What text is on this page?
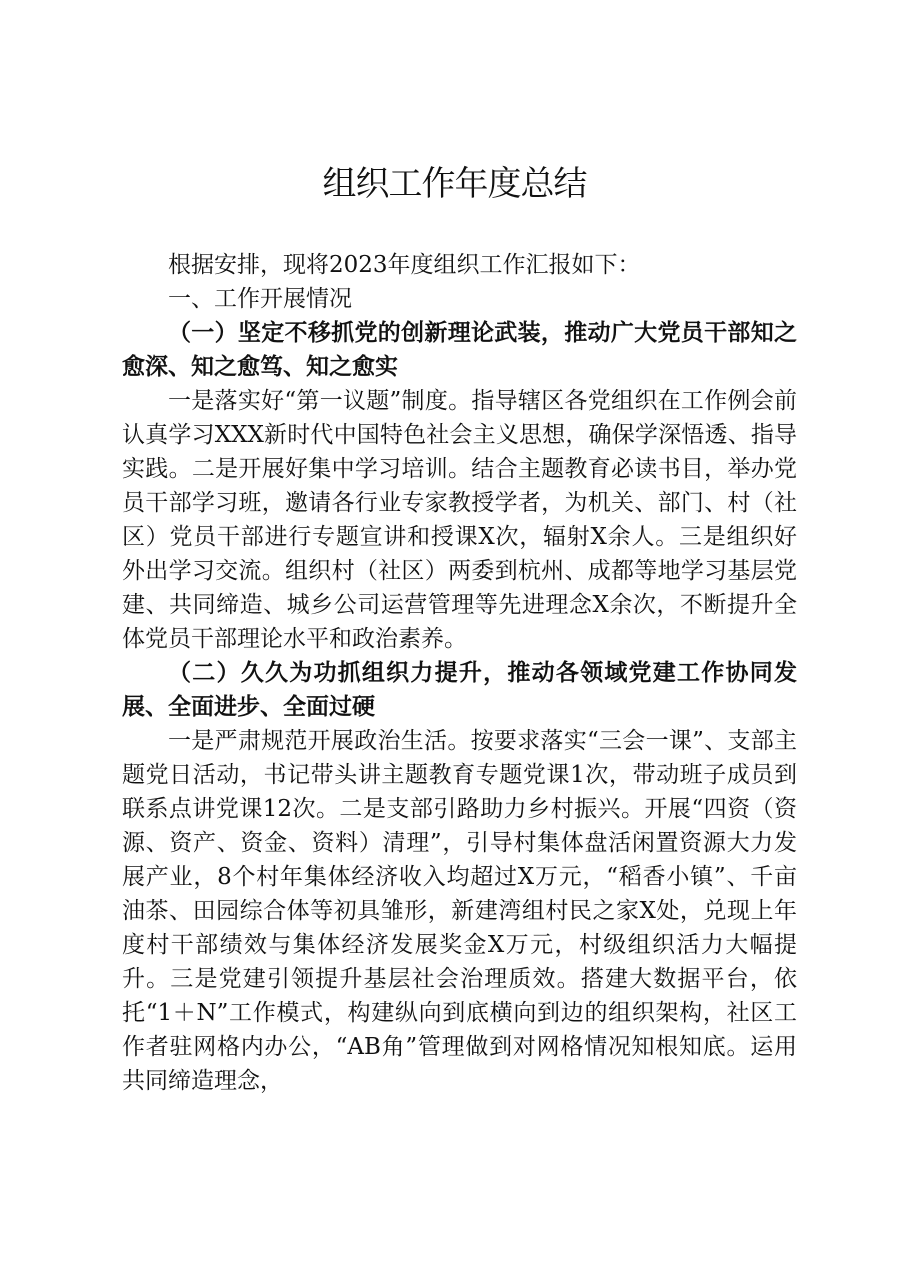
组织工作年度总结

根据安排，现将2023年度组织工作汇报如下：

一、工作开展情况

（一）坚定不移抓党的创新理论武装，推动广大党员干部知之愈深、知之愈笃、知之愈实

一是落实好“第一议题”制度。指导辖区各党组织在工作例会前认真学习XXX新时代中国特色社会主义思想，确保学深悟透、指导实践。二是开展好集中学习培训。结合主题教育必读书目，举办党员干部学习班，邀请各行业专家教授学者，为机关、部门、村（社区）党员干部进行专题宣讲和授课X次，辐射X余人。三是组织好外出学习交流。组织村（社区）两委到杭州、成都等地学习基层党建、共同缔造、城乡公司运营管理等先进理念X余次，不断提升全体党员干部理论水平和政治素养。

（二）久久为功抓组织力提升，推动各领域党建工作协同发展、全面进步、全面过硬

一是严肃规范开展政治生活。按要求落实“三会一课”、支部主题党日活动，书记带头讲主题教育专题党课1次，带动班子成员到联系点讲党课12次。二是支部引路助力乡村振兴。开展“四资（资源、资产、资金、资料）清理”，引导村集体盘活闲置资源大力发展产业，8个村年集体经济收入均超过X万元，“稻香小镇”、千亩油茶、田园综合体等初具雏形，新建湾组村民之家X处，兑现上年度村干部绩效与集体经济发展奖金X万元，村级组织活力大幅提升。三是党建引领提升基层社会治理质效。搭建大数据平台，依托“1＋N”工作模式，构建纵向到底横向到边的组织架构，社区工作者驻网格内办公，“AB角”管理做到对网格情况知根知底。运用共同缔造理念，
